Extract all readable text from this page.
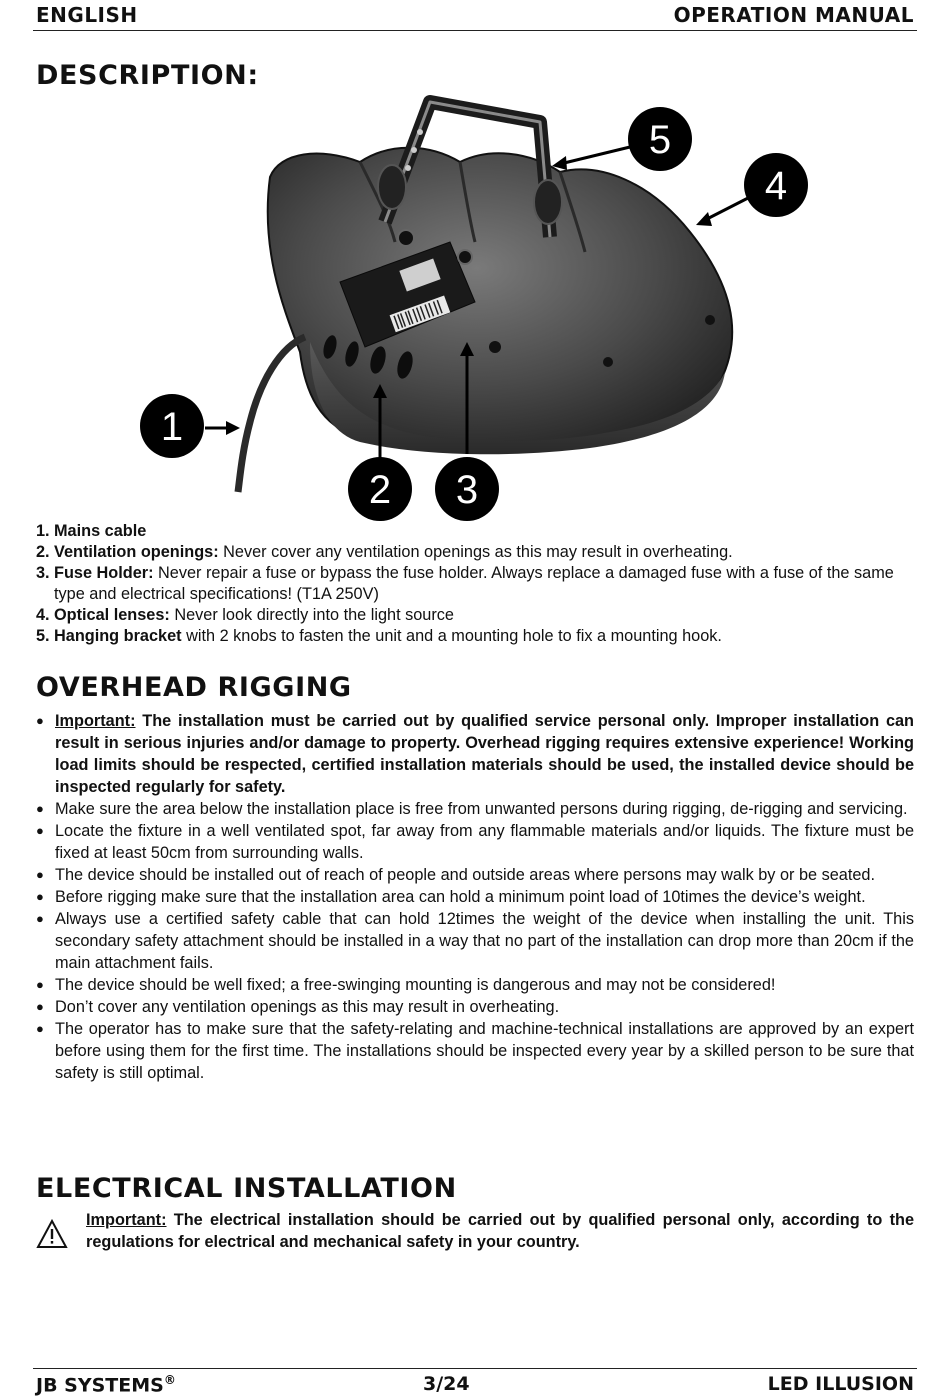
ENGLISH	OPERATION MANUAL
DESCRIPTION:
5
4
1
2 3
1. Mains cable
2. Ventilation openings: Never cover any ventilation openings as this may result in overheating.
3. Fuse Holder: Never repair a fuse or bypass the fuse holder. Always replace a damaged fuse with a fuse of the same type and electrical specifications! (T1A 250V)
4. Optical lenses: Never look directly into the light source
5. Hanging bracket with 2 knobs to fasten the unit and a mounting hole to fix a mounting hook.
OVERHEAD RIGGING
● Important: The installation must be carried out by qualified service personal only. Improper installation can result in serious injuries and/or damage to property. Overhead rigging requires extensive experience! Working load limits should be respected, certified installation materials should be used, the installed device should be inspected regularly for safety.
● Make sure the area below the installation place is free from unwanted persons during rigging, de-rigging and servicing.
● Locate the fixture in a well ventilated spot, far away from any flammable materials and/or liquids. The fixture must be fixed at least 50cm from surrounding walls.
● The device should be installed out of reach of people and outside areas where persons may walk by or be seated.
● Before rigging make sure that the installation area can hold a minimum point load of 10times the device’s weight.
● Always use a certified safety cable that can hold 12times the weight of the device when installing the unit. This secondary safety attachment should be installed in a way that no part of the installation can drop more than 20cm if the main attachment fails.
● The device should be well fixed; a free-swinging mounting is dangerous and may not be considered!
● Don’t cover any ventilation openings as this may result in overheating.
● The operator has to make sure that the safety-relating and machine-technical installations are approved by an expert before using them for the first time. The installations should be inspected every year by a skilled person to be sure that safety is still optimal.
ELECTRICAL INSTALLATION
Important: The electrical installation should be carried out by qualified personal only, according to the regulations for electrical and mechanical safety in your country.
JB SYSTEMS®	3/24	LED ILLUSION
